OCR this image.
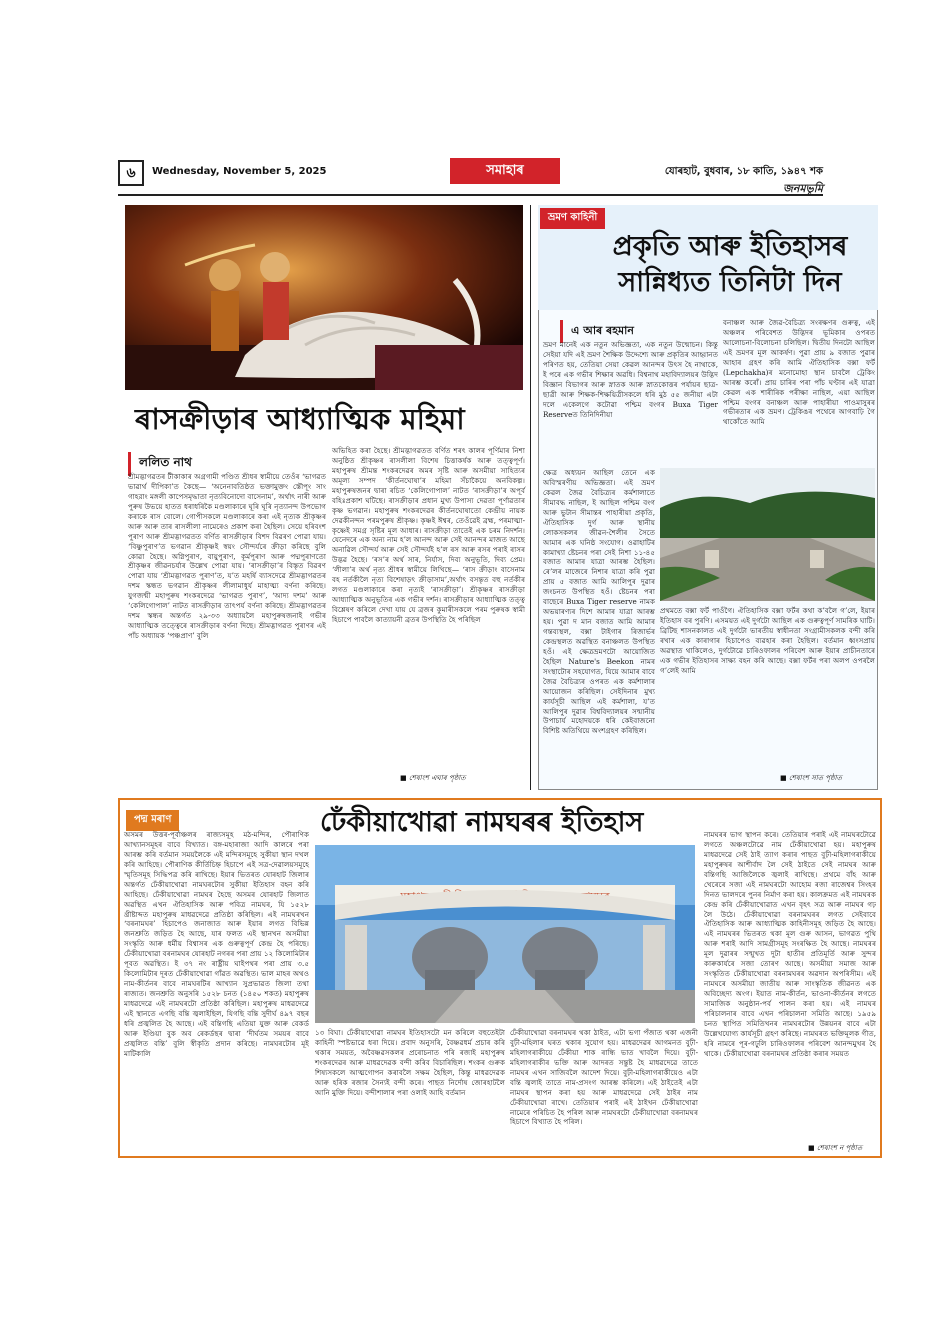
৬	Wednesday, November 5, 2025	সমাহাৰ	যোৰহাট, বুধবাৰ, ১৮ কাতি, ১৯৪৭ শক
জনমভূমি
ৰাসক্ৰীড়াৰ আধ্যাত্মিক মহিমা
ললিত নাথ

শ্ৰীমদ্ভাগৱতৰ টীকাকাৰ অগ্ৰগামী পণ্ডিত শ্ৰীধৰ স্বামীয়ে তেওঁৰ ‘ভাগৱত ভাৱাৰ্থ দীপিকা’ত কৈছে— ‘অনেনাবতিষ্ঠত ভক্তামুক্তং স্তৌপূং সাং গাহরাং মঙ্গলী কাপেসমৃদ্ধাতা নৃত্যবিনোদো বাসেনাম’, অৰ্থাৎ নাৰী আৰু পুৰুষ উভয়ে হাতত ধৰাধৰিকৈ মণ্ডলাকাৰে ঘূৰি ঘূৰি নৃত্যানন্দ উপভোগ কৰাকে ৰাস বোলে। গোপীসকলে মণ্ডলাকাৰে কৰা এই নৃত্যক শ্ৰীকৃষ্ণৰ আৰু আৰু তাৰ ৰাসলীলা নামেৰেও প্ৰকাশ কৰা হৈছিল। সেয়ে হৰিবংশ পুৰাণ আৰু শ্ৰীমদ্ভাগৱতত বৰ্ণিত ৰাসক্ৰীড়াৰ বিশদ বিৱৰণ পোৱা যায়। ‘বিষ্ণুপুৰাণ’ত ভগৱান শ্ৰীকৃষ্ণই স্বয়ং সৌন্দৰ্যৰে ক্ৰীড়া কৰিছে বুলি কোৱা হৈছে। অগ্নিপুৰাণ, বায়ুপুৰাণ, কূৰ্মপুৰাণ আৰু পদ্মপুৰাণতো শ্ৰীকৃষ্ণৰ জীৱনচৰ্যাৰ উল্লেখ পোৱা যায়। ‘ৰাসক্ৰীড়া’ৰ বিস্তৃত বিৱৰণ পোৱা যায় ‘শ্ৰীমদ্ভাগৱত পুৰাণ’ত, য’ত মহৰ্ষি ব্যাসদেৱে শ্ৰীমদ্ভাগৱতৰ দশম স্কন্ধত ভগৱান শ্ৰীকৃষ্ণৰ লীলামাধুৰ্য মাহাত্ম্য বৰ্ণনা কৰিছে। যুগজন্মী মহাপুৰুষ শংকৰদেৱে ‘ভাগৱত পুৰাণ’, ‘আদ্য দশম’ আৰু ‘কেলিগোপাল’ নাটত ৰাসক্ৰীড়াৰ তাৎপৰ্য বৰ্ণনা কৰিছে। শ্ৰীমদ্ভাগৱতৰ দশম স্কন্ধৰ অন্তৰ্গত ২৯-৩৩ অধ্যায়লৈ মহাপুৰুষজনাই গভীৰ আধ্যাত্মিক তত্ত্বেৰে ৰাসক্ৰীড়াৰ বৰ্ণনা দিছে। শ্ৰীমদ্ভাগৱত পুৰাণৰ এই পাঁচ অধ্যায়ক ‘পঞ্চপ্ৰাণ’ বুলি

অভিহিত কৰা হৈছে। শ্ৰীমদ্ভাগৱতত বৰ্ণিত শৰৎ কালৰ পূৰ্ণিমাৰ নিশা অনুষ্ঠিত শ্ৰীকৃষ্ণৰ ৰাসলীলা বিশেষ চিত্তাকৰ্ষক আৰু তত্ত্বপূৰ্ণ। মহাপুৰুষ শ্ৰীমন্ত শংকৰদেৱৰ অমৰ সৃষ্টি আৰু অসমীয়া সাহিত্যৰ অমূল্য সম্পদ ‘কীৰ্তনঘোষা’ৰ মহিমা সঁচাকৈয়ে অনবিকল্প। মহাপুৰুষজনৰ দ্বাৰা ৰচিত ‘কেলিগোপাল’ নাটত ‘ৰাসক্ৰীড়া’ৰ অপূৰ্ব বহিঃপ্ৰকাশ ঘটিছে। ৰাসক্ৰীড়াৰ প্ৰধান মুখ্য উপাস্য দেৱতা পূৰ্ণাৱতাৰ কৃষ্ণ ভগৱান। মহাপুৰুষ শংকৰদেৱৰ কীৰ্তনঘোষাতো কেন্দ্ৰীয় নায়ক দেৱকীনন্দন পৰমপুৰুষ শ্ৰীকৃষ্ণ। কৃষ্ণই ঈশ্বৰ, তেওঁৱেই ব্ৰহ্ম, পৰমাত্মা-কৃষ্ণেই সমগ্ৰ সৃষ্টিৰ মূল আধাৰ। ৰাসক্ৰীড়া তাতেই এক চৰম নিদৰ্শন। যেনেদৰে এক অন্য নাম হ’ল আনন্দ আৰু সেই আনন্দৰ মাজত আছে অনাৱিল সৌন্দৰ্য আৰু সেই সৌন্দৰ্যই হ’ল ৰস আৰু ৰসৰ পৰাই ৰাসৰ উদ্ভৱ হৈছে। ‘ৰস’ৰ অৰ্থ সাৰ, নিৰ্যাস, দিব্য অনুভূতি, দিব্য প্ৰেম। ‘লীলা’ৰ অৰ্থ নৃত্য শ্ৰীধৰ স্বামীয়ে লিখিছে— ‘ৰাস ক্ৰীড়াং বাসেনাম বহ নৰ্তকীলৈ নৃত্য বিশেষাড়ৎ ক্ৰীড়াসাম’,অৰ্থাৎ বসন্তৃত বহু নৰ্তকীৰ লগত মণ্ডলাকাৰে কৰা নৃত্যই ‘ৰাসক্ৰীড়া’। শ্ৰীকৃষ্ণৰ ৰাসক্ৰীড়া আধ্যাত্মিক অনুভূতিৰ এক গভীৰ দৰ্শন। ৰাসক্ৰীড়াৰ আধ্যাত্মিক তত্ত্ব বিশ্লেষণ কৰিলে দেখা যায় যে ব্ৰজৰ কুমাৰীসকলে পৰম পুৰুষক স্বামী হিচাপে পাবলৈ কাত্যায়নী ব্ৰতৰ উপস্থিতি হৈ পৰিছিল

■ শেষাংশ এঘাৰ পৃষ্ঠাত
ভ্ৰমণ কাহিনী
প্ৰকৃতি আৰু ইতিহাসৰ
সান্নিধ্যত তিনিটা দিন
এ আৰ ৰহমান

ভ্ৰমণ মানেই এক নতুন অভিজ্ঞতা, এক নতুন উন্মোচন। কিন্তু সেইয়া যদি এই ভ্ৰমণ শৈক্ষিক উদ্দেশ্যে আৰু প্ৰকৃতিৰ আহ্বানত পৰিণত হয়, তেতিয়া সেয়া কেৱল আনন্দৰ উৎস হৈ নাথাকে, ই পৰে এক গভীৰ শিক্ষাৰ অৱধি। বিশ্বনাথ মহাবিদ্যালয়ৰ উদ্ভিদ বিজ্ঞান বিভাগৰ আৰু স্নাতক আৰু স্নাতকোত্তৰ পৰ্যায়ৰ ছাত্ৰ-ছাত্ৰী আৰু শিক্ষক-শিক্ষয়িত্ৰীসকলে ধৰি মুঠ ৫৫ জনীয়া এটা দলে একেলগে কটোৱা পশ্চিম বংগৰ Buxa Tiger Reserveত তিনিদিনীয়া

বনাঞ্চল আৰু জৈৱ-বৈচিত্ৰ্য সংৰক্ষণৰ গুৰুত্ব, এই অঞ্চলৰ পৰিবেশত উদ্ভিদৰ ভূমিকাৰ ওপৰত আলোচনা-বিলোচনা চলিছিল। দ্বিতীয় দিনটো আছিল এই ভ্ৰমণৰ মূল আকৰ্ষণ। পুৱা প্ৰায় ৯ বজাত পুৱাৰ আহাৰ গ্ৰহণ কৰি আমি ঐতিহাসিক বক্সা ফৰ্ট (Lepchakha)ৰ মনোমোহা স্থান চাবলৈ ট্ৰেকিং আৰম্ভ কৰোঁ। প্ৰায় চাৰিৰ পৰা পাঁচ ঘণ্টাৰ এই যাত্ৰা কেৱল এক শাৰীৰিক পৰীক্ষা নাছিল, এয়া আছিল পশ্চিম বংগৰ বনাঞ্চল আৰু পাহাৰীয়া পাওমাসুৰৰ গভীৰতাৰ এক ভ্ৰমণ। ট্ৰেকিঙৰ পথেৰে আগবাঢ়ি গৈ থাকোঁতে আমি

ক্ষেত্ৰ অধ্যয়ন আছিল তেনে এক অবিস্মৰণীয় অভিজ্ঞতা। এই ভ্ৰমণ কেৱল জৈৱ বৈচিত্ৰ্যৰ কৰ্মশালাতে সীমাবদ্ধ নাছিল, ই আছিল পশ্চিম বংগ আৰু ভুটান সীমান্তৰ পাহাৰীয়া প্ৰকৃতি, ঐতিহাসিক দুৰ্গ আৰু স্থানীয় লোকসকলৰ জীৱন-শৈলীৰ সৈতে আমাৰ এক ঘনিষ্ঠ সংযোগ। ওৱাহাটিৰ কামাখ্যা ষ্টেচনৰ পৰা সেই নিশা ১১-৪৫ বজাত আমাৰ যাত্ৰা আৰম্ভ হৈছিল। ৰে’লৰ মাজেৰে নিশাৰ যাত্ৰা কৰি পুৱা প্ৰায় ৫ বজাত আমি আলিপুৰ দুৱাৰ জংচনত উপস্থিত হওঁ। ষ্টেচনৰ পৰা বাছেৰে Buxa Tiger reserve নামক অভয়াৰণ্যৰ দিশে আমাৰ যাত্ৰা আৰম্ভ হয়। পুৱা দ মান বজাত আমি আমাৰ গন্তব্যস্থল, বক্সা টাইগাৰ ৰিজাৰ্ভৰ কেন্দ্ৰস্থলত অৱস্থিত বনাঞ্চলত উপস্থিত হওঁ। এই ক্ষেত্ৰভ্ৰমণটো আয়োজিত হৈছিল Nature's Beekon নামৰ সংস্থাটোৰ সহযোগত, যিয়ে আমাৰ বাবে জৈৱ বৈচিত্ৰ্যৰ ওপৰত এক কৰ্মশালাৰ আয়োজন কৰিছিল। সেইদিনাৰ মুখ্য কাৰ্যসূচী আছিল এই কৰ্মশালা, য’ত আলিপুৰ দুৱাৰ বিশ্ববিদ্যালয়ৰ সন্মানীয় উপাচাৰ্য মহোদয়কে ধৰি কেইবাজনো বিশিষ্ট অতিথিয়ে অংশগ্ৰহণ কৰিছিল।

প্ৰথমতে বক্সা ফৰ্ট পাওঁগৈ। ঐতিহাসিক বক্সা ফৰ্টৰ কথা ক’বলৈ গ’লে, ইয়াৰ ইতিহাস বৰ পুৰণি। এসময়ত এই দুৰ্গটো আছিল এক গুৰুত্বপূৰ্ণ সামৰিক ঘাটি। ব্ৰিটিছ শাসনকালত এই দুৰ্গটো ভাৰতীয় স্বাধীনতা সংগ্ৰামীসকলক বন্দী কৰি ৰখাৰ এক কাৰাগাৰ হিচাপেও ব্যৱহাৰ কৰা হৈছিল। বৰ্তমান ধ্বংসপ্ৰায় অৱস্থাত থাকিলেও, দুৰ্গটোৱে চাৰিওফালৰ পৰিবেশ আৰু ইয়াৰ প্ৰাচীনতাৰে এক গভীৰ ইতিহাসৰ সাক্ষ্য বহন কৰি আছে। বক্সা ফৰ্টৰ পৰা অলপ ওপৰলৈ গ’লেই আমি

■ শেষাংশ সাত পৃষ্ঠাত
পদ্ম মৰাণ	ঢেঁকীয়াখোৱা নামঘৰৰ ইতিহাস

অসমৰ উত্তৰ-পূৰ্বাঞ্চলৰ ৰাজ্যসমূহ মঠ-মন্দিৰ, পৌৰাণিক আখ্যানসমূহৰ বাবে বিখ্যাত। বঙ্গ-মহাৰাজা আদি কালৰে পৰা আৰম্ভ কৰি বৰ্তমান সময়লৈকে এই মন্দিৰসমূহে সুকীয়া স্থান দখল কৰি আহিছে। পৌৰাণিক কীৰ্তিচিহ্ন হিচাপে এই সত্ৰ-দেৱালয়সমূহে স্মৃতিসমূহ সিদ্ধিপত্ৰ কৰি ৰাখিছে। ইয়াৰ ভিতৰত যোৰহাট জিলাৰ অন্তৰ্গত ঢেঁকীয়াখোৱা নামঘৰটোৰ সুকীয়া ইতিহাস বহন কৰি আহিছে। ঢেঁকীয়াখোৱা নামঘৰ হৈছে অসমৰ যোৰহাট জিলাত অৱস্থিত এখন ঐতিহাসিক আৰু পবিত্ৰ নামঘৰ, যি ১৫২৮ খ্ৰীষ্টাব্দত মহাপুৰুষ মাধৱদেৱে প্ৰতিষ্ঠা কৰিছিল। এই নামঘৰখন ‘বৰনামঘৰ’ হিচাপেও জনাজাত আৰু ইয়াৰ লগত বিভিন্ন জনশ্ৰুতি জড়িত হৈ আছে, যাৰ ফলত এই স্থানখন অসমীয়া সংস্কৃতি আৰু ধৰ্মীয় বিশ্বাসৰ এক গুৰুত্বপূৰ্ণ কেন্দ্ৰ হৈ পৰিছে। ঢেঁকীয়াখোৱা বৰনামঘৰ যোৰহাট নগৰৰ পৰা প্ৰায় ১২ কিলোমিটাৰ পূবত অৱস্থিত। ই ৩৭ নং ৰাষ্ট্ৰীয় ঘাইপথৰ পৰা প্ৰায় ৩.৫ কিলোমিটাৰ দূৰত ঢেঁকীয়াখোৱা গাঁৱত অৱস্থিত। ভাল মাহৰ অথও নাম-কীৰ্তনৰ বাবে নামঘৰটিৰ আখ্যান সুপ্ৰভাৱত জিলা তথা ৰাজ্যত। জনশ্ৰুতি অনুসৰি ১৫২৮ চনত (১৪৫০ শকত) মহাপুৰুষ মাধৱদেৱে এই নামঘৰটো প্ৰতিষ্ঠা কৰিছিল। মহাপুৰুষ মাধৱদেৱে এই স্থানতে এগছি বন্তি জ্বলাইছিল, যিগছি বন্তি সুদীৰ্ঘ ৪৯৭ বছৰ ধৰি প্ৰজ্বলিত হৈ আছে। এই বন্তিগছি এতিয়া যুক্ত আৰু বেকৰ্ড আৰু ইণ্ডিয়া বুক অব ৰেকৰ্ডছৰ দ্বাৰা ‘দীৰ্ঘতম সময়ৰ বাবে প্ৰজ্বলিত বন্তি’ বুলি স্বীকৃতি প্ৰদান কৰিছে। নামঘৰটোৰ মূই মাটিকালি

১৩ বিঘা। ঢেঁকীয়াখোৱা নামঘৰ ইতিহাসটো মন কৰিলে বহুতেইটা কাহিনী স্পষ্টভাৱে ধৰা দিয়ে। প্ৰবাদ অনুসৰি, বৈষ্ণৱধৰ্ম প্ৰচাৰ কৰি থকাৰ সময়ত, অবৈষ্ণৱসকলৰ প্ৰৰোচনাত পৰি ৰজাই মহাপুৰুষ শংকৰদেৱৰ আৰু মাধৱদেৱক বন্দী কৰিব বিচাৰিছিল। শংকৰ গুৰুক শিষ্যসকলে আত্মগোপন কৰাবলৈ সক্ষম হৈছিল, কিন্তু মাধৱদেৱক আৰু হৰিক ৰজাৰ সৈন্যই বন্দী কৰে। পাছত নিৰ্দোষ জোৰহাটলৈ আনি মুক্তি দিয়ে। বন্দীশালাৰ পৰা ওলাই আহি বৰ্তমান

ঢেঁকীয়াখোৱা বৰনামঘৰ থকা ঠাইত, এটা ভগা পঁজাত থকা এজনী বুঢ়ী-মহিলাৰ ঘৰত থকাৰ সুযোগ হয়। মাধৱদেৱৰ আগমনত বুঢ়ী-মহিলাগৰাকীয়ে ঢেঁকীয়া শাক ৰান্ধি ভাত খাবলৈ দিয়ে। বুঢ়ী-মহিলাগৰাকীৰ ভক্তি আৰু আদৰত সন্তুষ্ট হৈ মাধৱদেৱে তাতে নামঘৰ এখন সাজিবলৈ আদেশ দিয়ে। বুঢ়ী-মহিলাগৰাকীয়েও এটা বন্তি জ্বলাই তাতে নাম-প্ৰসংগ আৰম্ভ কৰিলে। এই ঠাইতেই এটা নামঘৰ স্থাপন কৰা হয় আৰু মাধৱদেৱে সেই ঠাইৰ নাম ঢেঁকীয়াখোৱা ৰাখে। তেতিয়াৰ পৰাই এই ঠাইখন ঢেঁকীয়াখোৱা নামেৰে পৰিচিত হৈ পৰিল আৰু নামঘৰটো ঢেঁকীয়াখোৱা বৰনামঘৰ হিচাপে বিখ্যাত হৈ পৰিল।

নামঘৰৰ ভাগ স্থাপন কৰে। তেতিয়াৰ পৰাই এই নামঘৰটোৱে লগতে অঞ্চলটোৱে নাম ঢেঁকীয়াখোৱা হয়। মহাপুৰুষ মাধৱদেৱে সেই ঠাই ত্যাগ কৰাৰ পাছত বুঢ়ী-মহিলাগৰাকীয়ে মহাপুৰুষৰ আশীৰ্বাদ লৈ সেই ঠাইতে সেই নামঘৰ আৰু বন্তিগছি আজিলৈকে জ্বলাই ৰাখিছে। প্ৰথমে বাঁহ আৰু খেৰেৰে সজা এই নামঘৰটো আহোম ৰজা ৰাজেশ্বৰ সিংহৰ দিনত ভালদৰে পুনৰ নিৰ্মাণ কৰা হয়। কালক্ৰমত এই নামঘৰক কেন্দ্ৰ কৰি ঢেঁকীয়াখোৱাত এখন বৃহৎ সত্ৰ আৰু নামঘৰ গঢ় লৈ উঠে। ঢেঁকীয়াখোৱা বৰনামঘৰৰ লগত সেইবাবে ঐতিহাসিক আৰু আধ্যাত্মিক কাহিনীসমূহ জড়িত হৈ আছে। এই নামঘৰৰ ভিতৰত থকা মূল গুৰু আসন, ভাগৱত পুথি আৰু শৰাই আদি সামগ্ৰীসমূহ সংৰক্ষিত হৈ আছে। নামঘৰৰ মূল দুৱাৰৰ সন্মুখত দুটা হাতীৰ প্ৰতিমূৰ্তি আৰু সুন্দৰ কাৰুকাৰ্যৰে সজা তোৰণ আছে। অসমীয়া সমাজ আৰু সংস্কৃতিত ঢেঁকীয়াখোৱা বৰনামঘৰৰ অৱদান অপৰিসীম। এই নামঘৰে অসমীয়া জাতীয় আৰু সাংস্কৃতিক জীৱনত এক অবিচ্ছেদ্য অংগ। ইয়াত নাম-কীৰ্তন, ভাওনা-কীৰ্তনৰ লগতে সামাজিক অনুষ্ঠান-পৰ্ব পালন কৰা হয়। এই নামঘৰ পৰিচালনাৰ বাবে এখন পৰিচালনা সমিতি আছে। ১৯৫৯ চনত স্থাপিত সমিতিখনৰ নামঘৰটোৰ উন্নয়নৰ বাবে এটা উল্লেখযোগ্য কাৰ্যসূচী গ্ৰহণ কৰিছে। নামঘৰত ভক্তিমূলক গীত, হৰি নামৰে পূৰ-গঢ়ুলি চাৰিওফালৰ পৰিবেশ আনন্দমুখৰ হৈ থাকে। ঢেঁকীয়াখোৱা বৰনামঘৰ প্ৰতিষ্ঠা কৰাৰ সময়ত

■ শেষাংশ ন পৃষ্ঠাত
